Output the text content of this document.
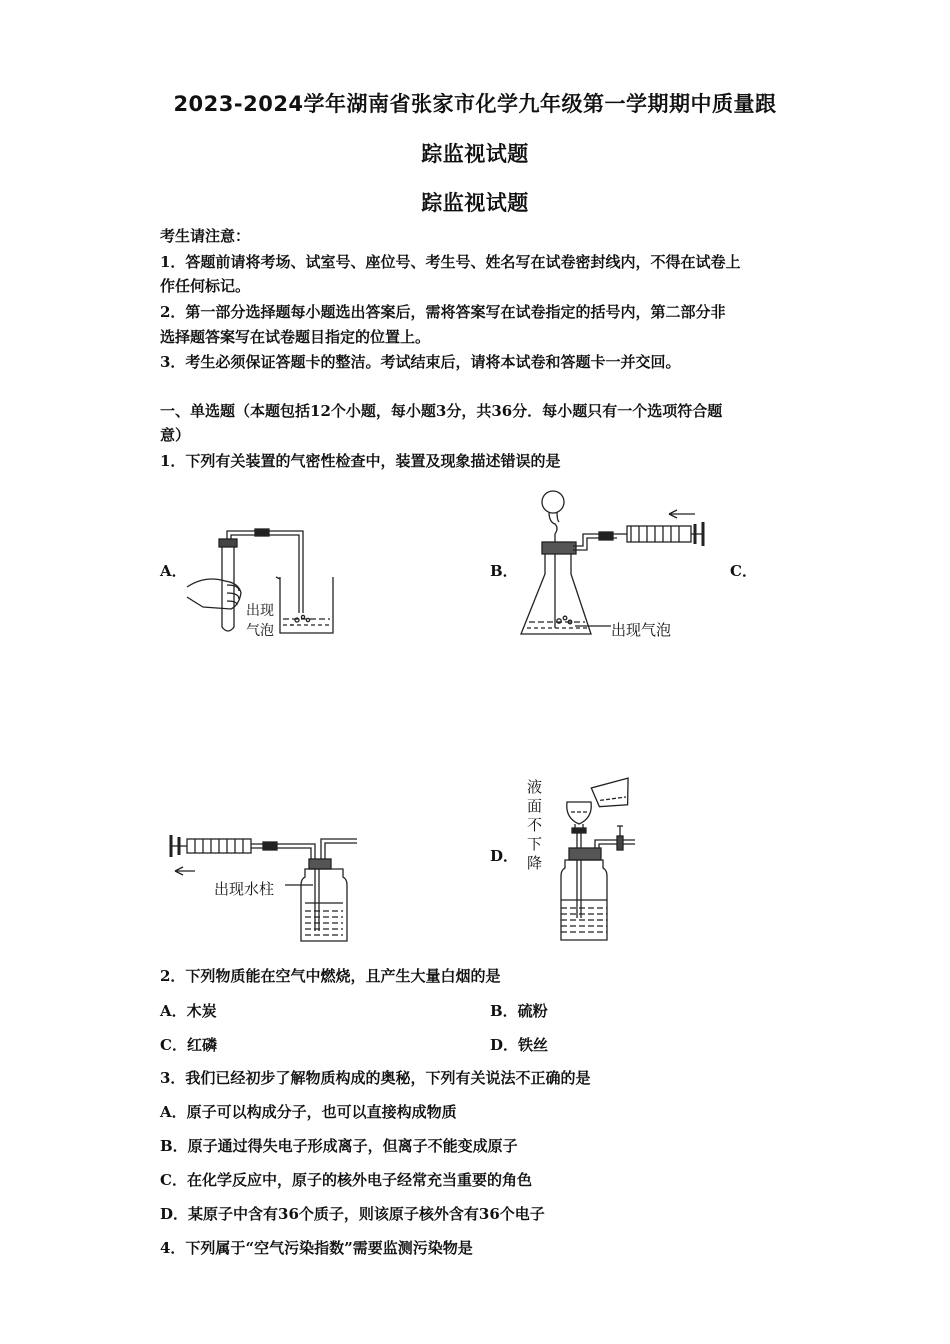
2023-2024学年湖南省张家市化学九年级第一学期期中质量跟
踪监视试题
踪监视试题
考生请注意：
1．答题前请将考场、试室号、座位号、考生号、姓名写在试卷密封线内，不得在试卷上
作任何标记。
2．第一部分选择题每小题选出答案后，需将答案写在试卷指定的括号内，第二部分非
选择题答案写在试卷题目指定的位置上。
3．考生必须保证答题卡的整洁。考试结束后，请将本试卷和答题卡一并交回。
一、单选题（本题包括12个小题，每小题3分，共36分．每小题只有一个选项符合题
意）
1．下列有关装置的气密性检查中，装置及现象描述错误的是
A．	B．	C．
D．
出现
气泡	出现气泡
出现水柱
液
面
不
下
降
2．下列物质能在空气中燃烧，且产生大量白烟的是
A．木炭	B．硫粉
C．红磷	D．铁丝
3．我们已经初步了解物质构成的奥秘，下列有关说法不正确的是
A．原子可以构成分子，也可以直接构成物质
B．原子通过得失电子形成离子，但离子不能变成原子
C．在化学反应中，原子的核外电子经常充当重要的角色
D．某原子中含有36个质子，则该原子核外含有36个电子
4．下列属于“空气污染指数”需要监测污染物是
